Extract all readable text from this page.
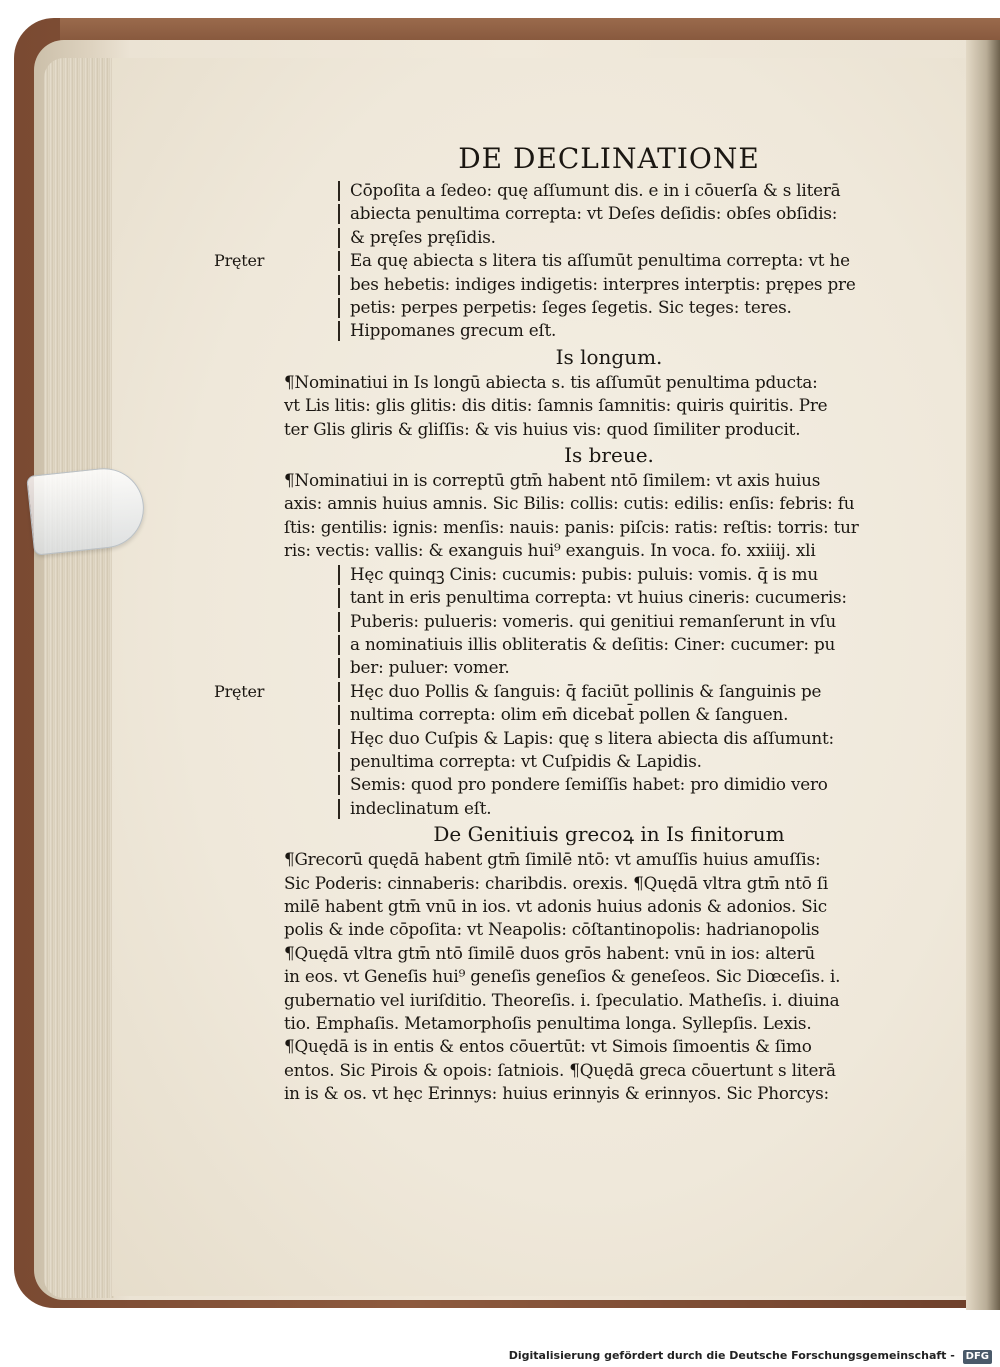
DE DECLINATIONE
Cōpoſita a ſedeo: quę aſſumunt dis. e in i cōuerſa & s literā
abiecta penultima correpta: vt Deſes deſidis: obſes obſidis:
& pręſes pręſidis.
Pręter	Ea quę abiecta s litera tis aſſumūt penultima correpta: vt he
bes hebetis: indiges indigetis: interpres interptis: prępes pre
petis: perpes perpetis: ſeges ſegetis. Sic teges: teres.
Hippomanes grecum eſt.
Is longum.
¶Nominatiui in Is longū abiecta s. tis aſſumūt penultima pducta:
vt Lis litis: glis glitis: dis ditis: ſamnis ſamnitis: quiris quiritis. Pre
ter Glis gliris & gliſſis: & vis huius vis: quod ſimiliter producit.
Is breue.
¶Nominatiui in is correptū gtm̄ habent ntō ſimilem: vt axis huius
axis: amnis huius amnis. Sic Bilis: collis: cutis: edilis: enſis: febris: fu
ſtis: gentilis: ignis: menſis: nauis: panis: piſcis: ratis: reſtis: torris: tur
ris: vectis: vallis: & exanguis hui⁹ exanguis. In voca. fo. xxiiij. xli
Hęc quinqꝫ Cinis: cucumis: pubis: puluis: vomis. q̄ is mu
tant in eris penultima correpta: vt huius cineris: cucumeris:
Puberis: pulueris: vomeris. qui genitiui remanſerunt in vſu
a nominatiuis illis obliteratis & deſitis: Ciner: cucumer: pu
ber: puluer: vomer.
Pręter	Hęc duo Pollis & ſanguis: q̄ faciūt pollinis & ſanguinis pe
nultima correpta: olim em̄ dicebat̄ pollen & ſanguen.
Hęc duo Cuſpis & Lapis: quę s litera abiecta dis aſſumunt:
penultima correpta: vt Cuſpidis & Lapidis.
Semis: quod pro pondere ſemiſſis habet: pro dimidio vero
indeclinatum eſt.
De Genitiuis grecoꝝ in Is finitorum
¶Grecorū quędā habent gtm̄ ſimilē ntō: vt amuſſis huius amuſſis:
Sic Poderis: cinnaberis: charibdis. orexis. ¶Quędā vltra gtm̄ ntō ſi
milē habent gtm̄ vnū in ios. vt adonis huius adonis & adonios. Sic
polis & inde cōpoſita: vt Neapolis: cōſtantinopolis: hadrianopolis
¶Quędā vltra gtm̄ ntō ſimilē duos grōs habent: vnū in ios: alterū
in eos. vt Geneſis hui⁹ geneſis geneſios & geneſeos. Sic Diœceſis. i.
gubernatio vel iuriſditio. Theoreſis. i. ſpeculatio. Matheſis. i. diuina
tio. Emphaſis. Metamorphoſis penultima longa. Syllepſis. Lexis.
¶Quędā is in entis & entos cōuertūt: vt Simois ſimoentis & ſimo
entos. Sic Pirois & opois: ſatniois. ¶Quędā greca cōuertunt s literā
in is & os. vt hęc Erinnys: huius erinnyis & erinnyos. Sic Phorcys:
Digitalisierung gefördert durch die Deutsche Forschungsgemeinschaft - DFG
